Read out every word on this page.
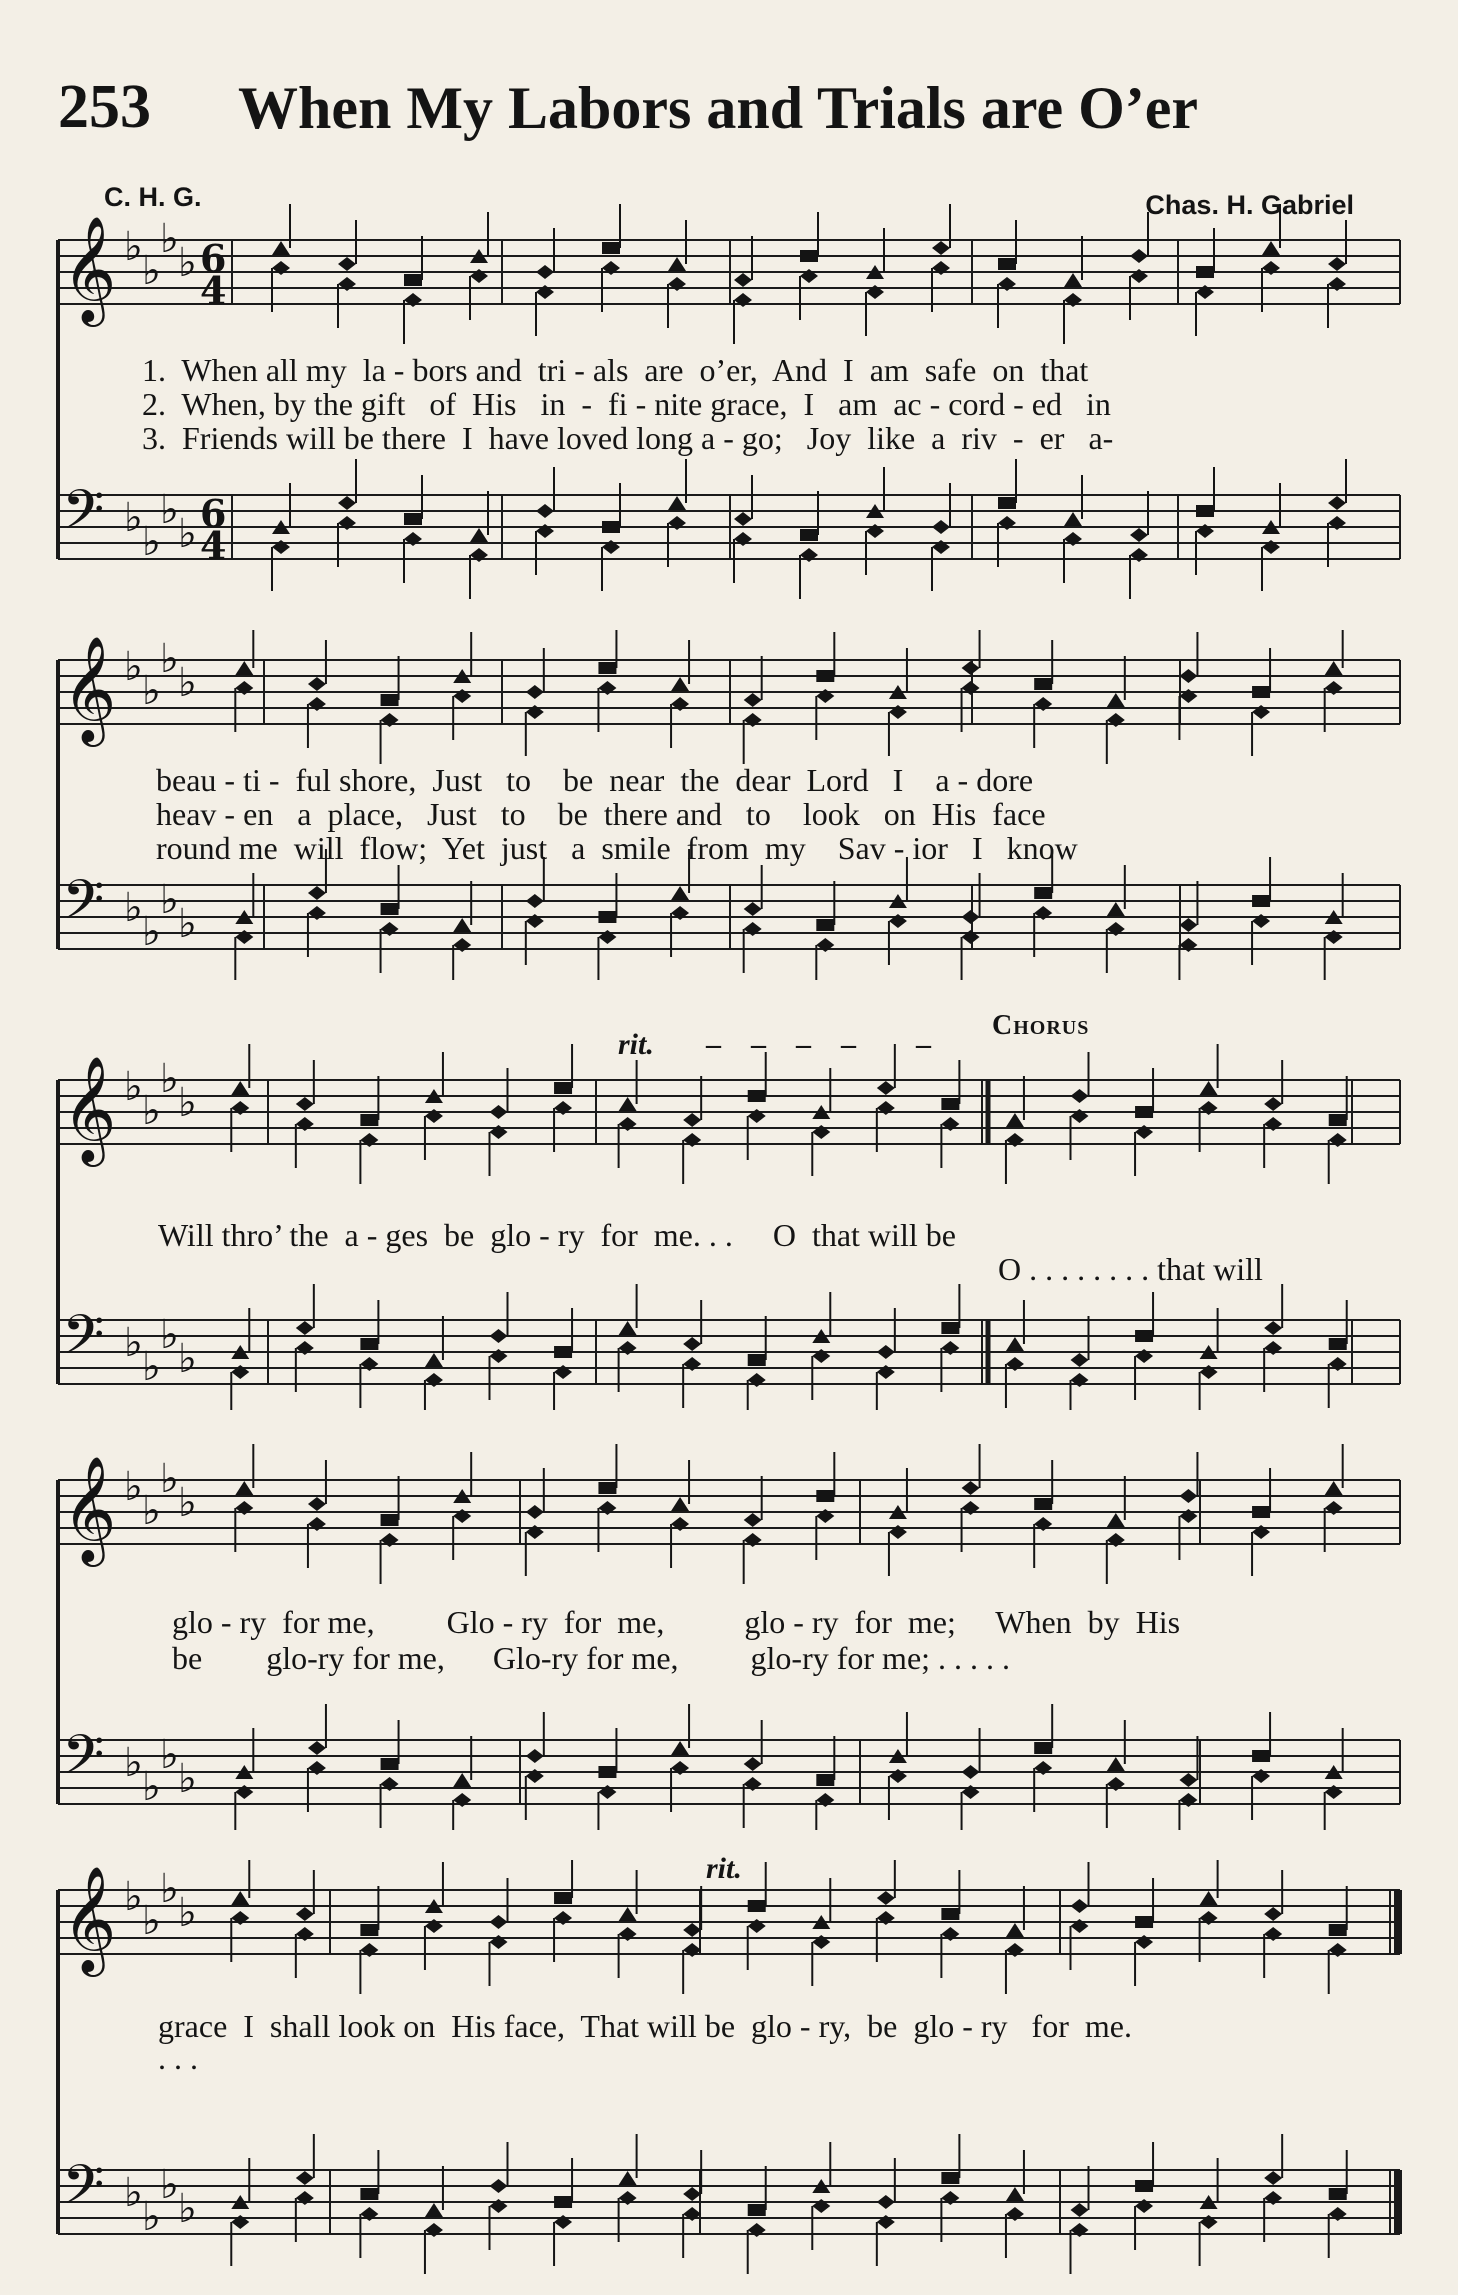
253 When My Labors and Trials are O’er
C. H. G.	Chas. H. Gabriel
𝄞 ♭
♭
♭
♭ 6
4
𝄢 ♭
♭
♭
♭ 6
4
1.  When all my  la - bors and  tri - als  are  o’er,  And  I  am  safe  on  that
2.  When, by the gift   of  His   in  -  fi - nite grace,  I   am  ac - cord - ed   in
3.  Friends will be there  I  have loved long a - go;   Joy  like  a  riv  -  er   a-
𝄞 ♭
♭
♭
♭
𝄢 ♭
♭
♭
♭
beau - ti -  ful shore,  Just   to    be  near  the  dear  Lord   I    a - dore
heav - en   a  place,   Just   to    be  there and   to    look   on  His  face
round me  will  flow;  Yet  just   a  smile  from  my    Sav - ior   I   know
rit. –    –    –    –        –
Chorus
𝄞 ♭
♭
♭
♭
𝄢 ♭
♭
♭
♭
Will thro’ the  a - ges  be  glo - ry  for  me. . .     O  that will be
O . . . . . . . . that will
𝄞 ♭
♭
♭
♭
𝄢 ♭
♭
♭
♭
glo - ry  for me,         Glo - ry  for  me,          glo - ry  for  me;     When  by  His
be        glo-ry for me,      Glo-ry for me,         glo-ry for me; . . . . .
rit.
𝄞 ♭
♭
♭
♭
𝄢 ♭
♭
♭
♭
grace  I  shall look on  His face,  That will be  glo - ry,  be  glo - ry   for  me.
. . .
